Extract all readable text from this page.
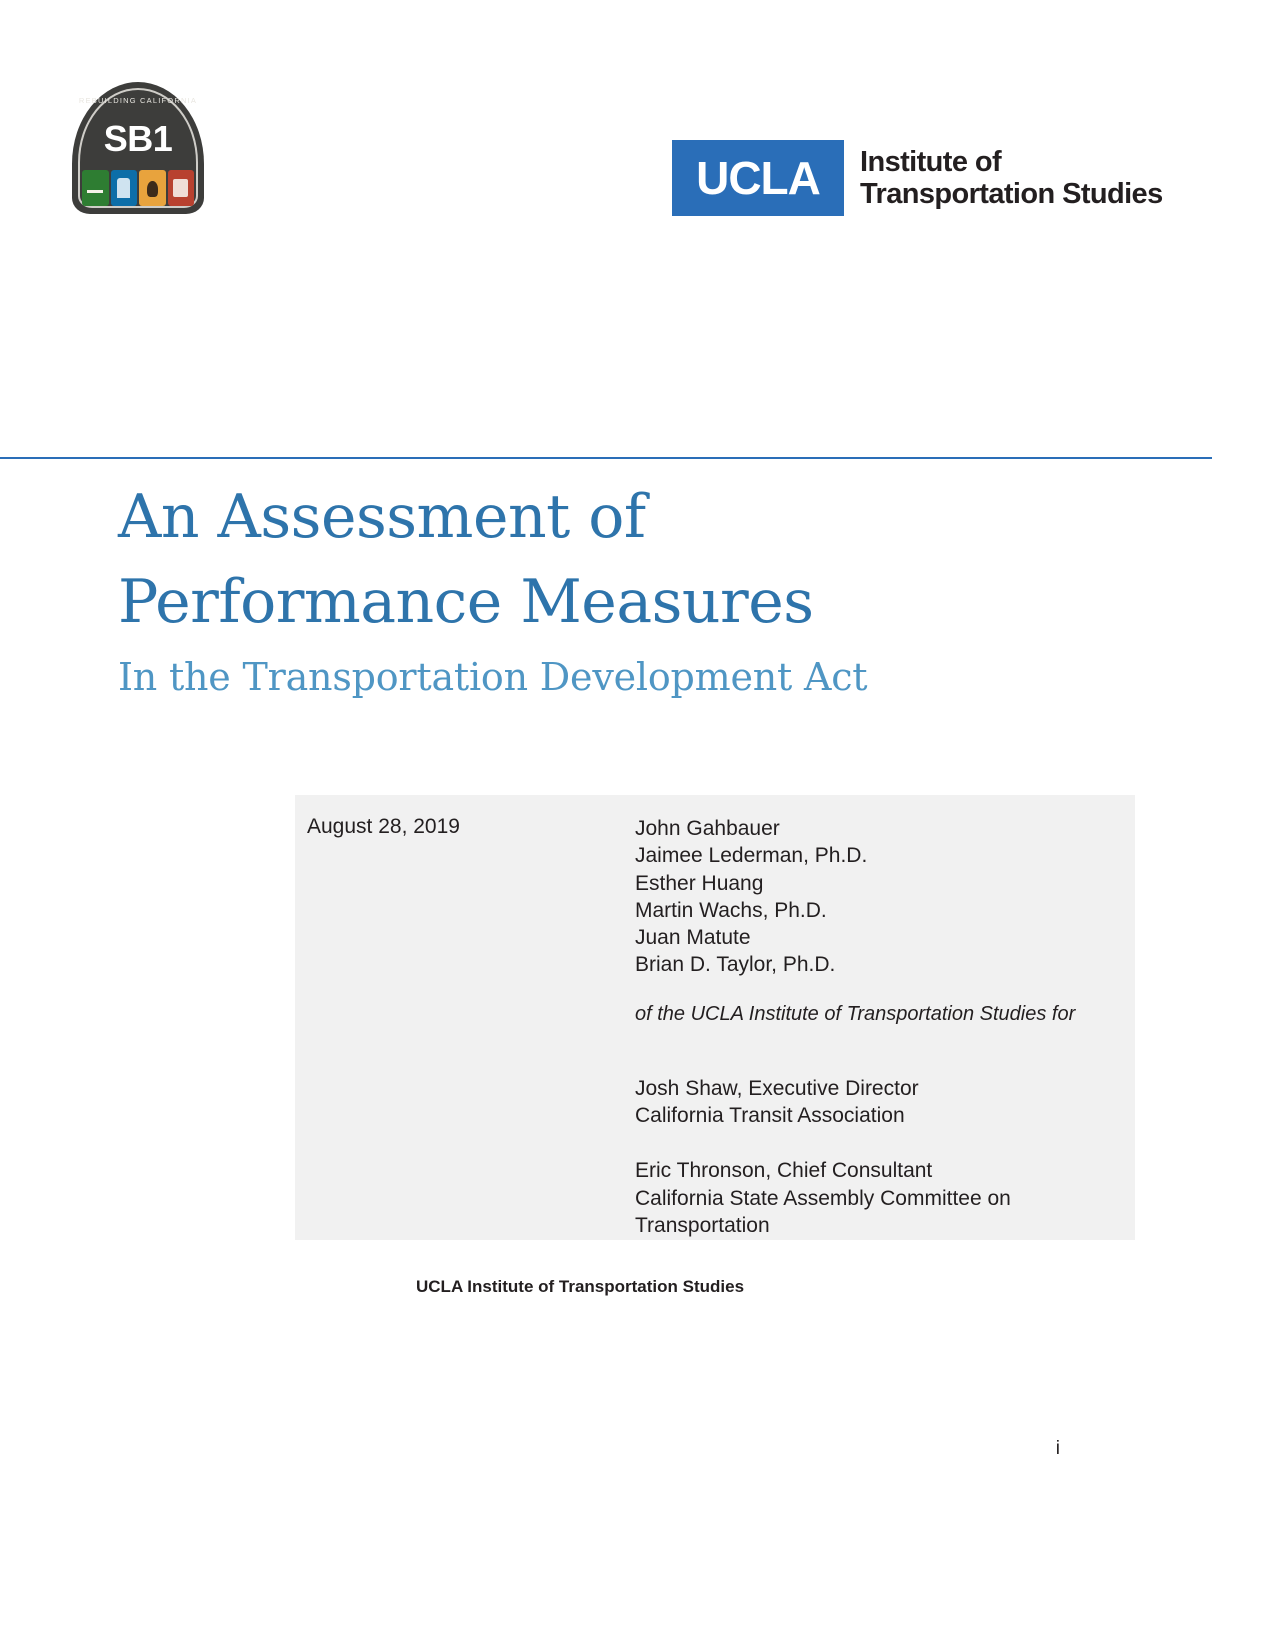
REBUILDING CALIFORNIA
SB1
UCLA Institute of
Transportation Studies
An Assessment of
Performance Measures
In the Transportation Development Act
August 28, 2019	John Gahbauer
Jaimee Lederman, Ph.D.
Esther Huang
Martin Wachs, Ph.D.
Juan Matute
Brian D. Taylor, Ph.D.
of the UCLA Institute of Transportation Studies for
Josh Shaw, Executive Director
California Transit Association
Eric Thronson, Chief Consultant
California State Assembly Committee on
Transportation
UCLA Institute of Transportation Studies
i
